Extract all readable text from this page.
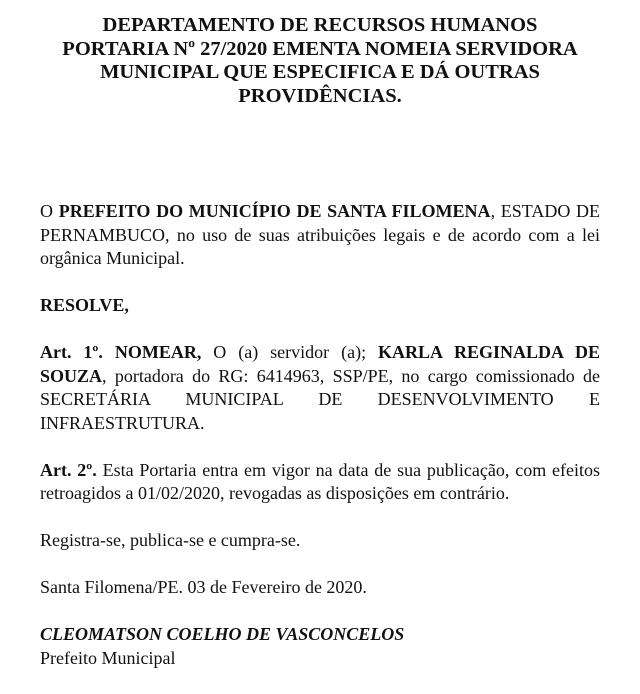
DEPARTAMENTO DE RECURSOS HUMANOS
PORTARIA Nº 27/2020 EMENTA NOMEIA SERVIDORA
MUNICIPAL QUE ESPECIFICA E DÁ OUTRAS
PROVIDÊNCIAS.

O PREFEITO DO MUNICÍPIO DE SANTA FILOMENA, ESTADO DE PERNAMBUCO, no uso de suas atribuições legais e de acordo com a lei orgânica Municipal.

RESOLVE,

Art. 1º. NOMEAR, O (a) servidor (a); KARLA REGINALDA DE SOUZA, portadora do RG: 6414963, SSP/PE, no cargo comissionado de SECRETÁRIA MUNICIPAL DE DESENVOLVIMENTO E INFRAESTRUTURA.

Art. 2º. Esta Portaria entra em vigor na data de sua publicação, com efeitos retroagidos a 01/02/2020, revogadas as disposições em contrário.

Registra-se, publica-se e cumpra-se.

Santa Filomena/PE. 03 de Fevereiro de 2020.

CLEOMATSON COELHO DE VASCONCELOS

Prefeito Municipal
